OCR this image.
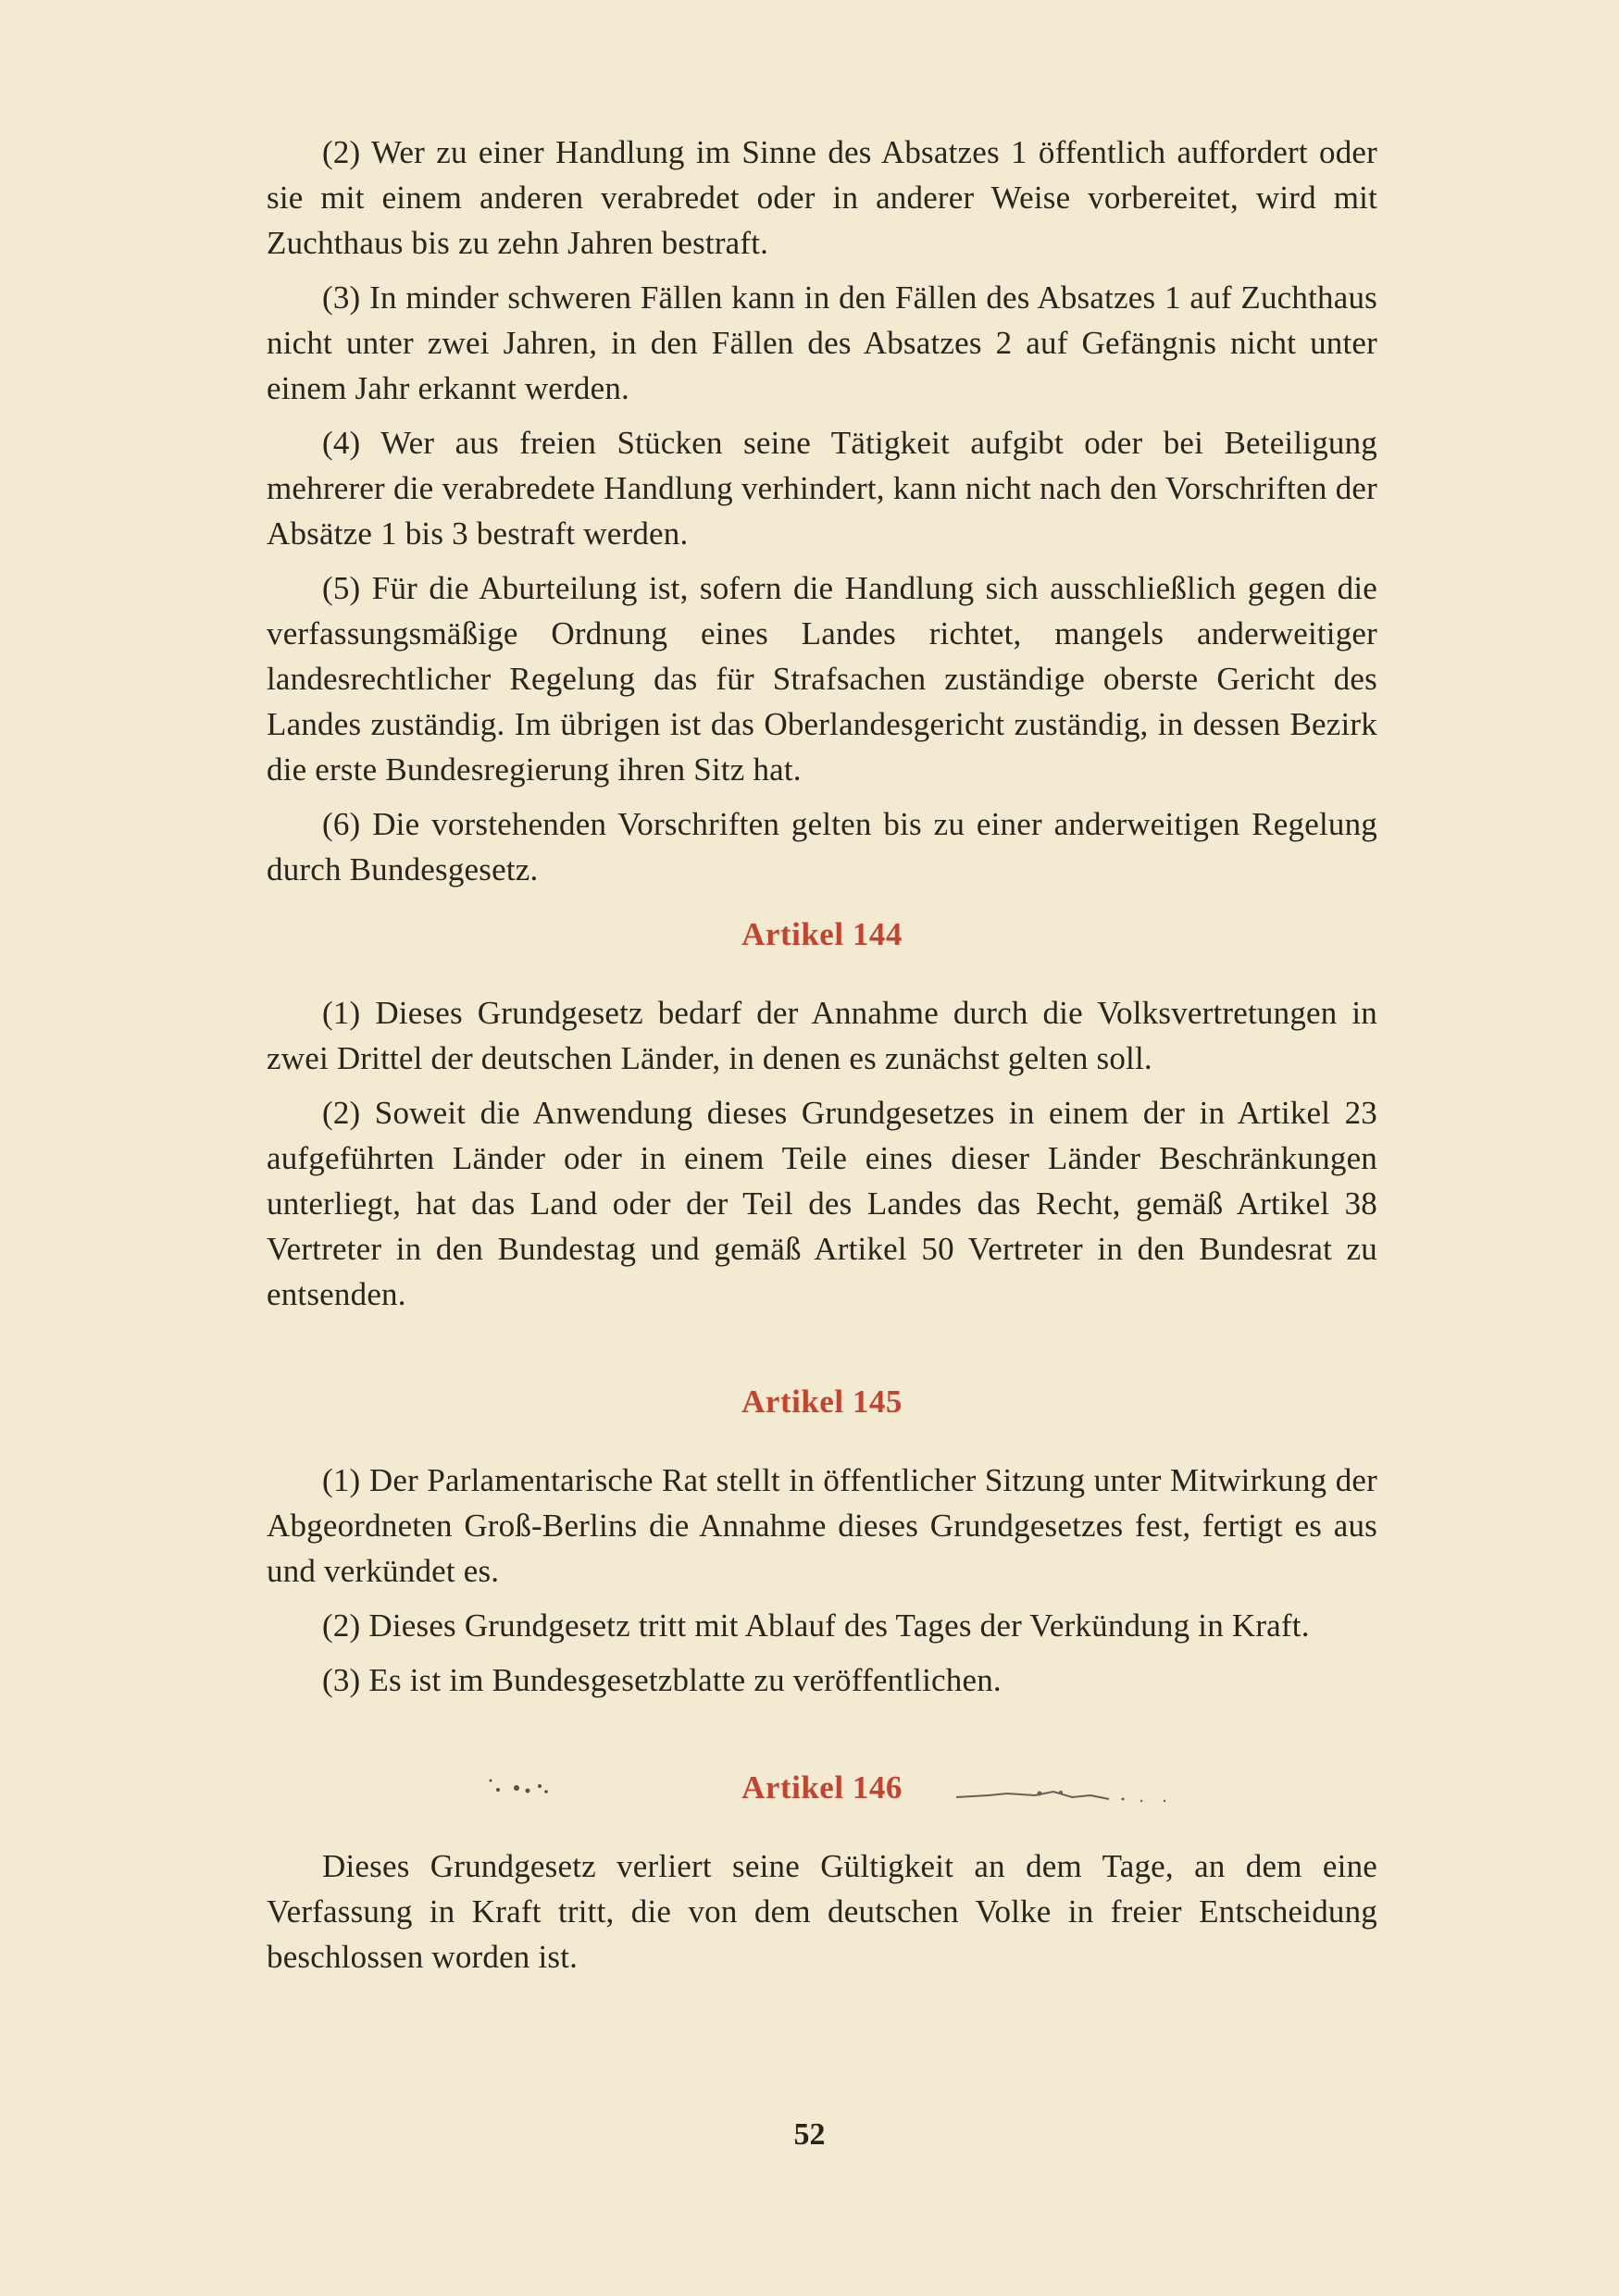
(2) Wer zu einer Handlung im Sinne des Absatzes 1 öffentlich auffordert oder sie mit einem anderen verabredet oder in anderer Weise vorbereitet, wird mit Zuchthaus bis zu zehn Jahren bestraft.

(3) In minder schweren Fällen kann in den Fällen des Absatzes 1 auf Zuchthaus nicht unter zwei Jahren, in den Fällen des Absatzes 2 auf Gefängnis nicht unter einem Jahr erkannt werden.

(4) Wer aus freien Stücken seine Tätigkeit aufgibt oder bei Beteiligung mehrerer die verabredete Handlung verhindert, kann nicht nach den Vorschriften der Absätze 1 bis 3 bestraft werden.

(5) Für die Aburteilung ist, sofern die Handlung sich ausschließlich gegen die verfassungsmäßige Ordnung eines Landes richtet, mangels anderweitiger landesrechtlicher Regelung das für Strafsachen zuständige oberste Gericht des Landes zuständig. Im übrigen ist das Oberlandesgericht zuständig, in dessen Bezirk die erste Bundesregierung ihren Sitz hat.

(6) Die vorstehenden Vorschriften gelten bis zu einer anderweitigen Regelung durch Bundesgesetz.

Artikel 144

(1) Dieses Grundgesetz bedarf der Annahme durch die Volksvertretungen in zwei Drittel der deutschen Länder, in denen es zunächst gelten soll.

(2) Soweit die Anwendung dieses Grundgesetzes in einem der in Artikel 23 aufgeführten Länder oder in einem Teile eines dieser Länder Beschränkungen unterliegt, hat das Land oder der Teil des Landes das Recht, gemäß Artikel 38 Vertreter in den Bundestag und gemäß Artikel 50 Vertreter in den Bundesrat zu entsenden.

Artikel 145

(1) Der Parlamentarische Rat stellt in öffentlicher Sitzung unter Mitwirkung der Abgeordneten Groß-Berlins die Annahme dieses Grundgesetzes fest, fertigt es aus und verkündet es.

(2) Dieses Grundgesetz tritt mit Ablauf des Tages der Verkündung in Kraft.

(3) Es ist im Bundesgesetzblatte zu veröffentlichen.

Artikel 146

Dieses Grundgesetz verliert seine Gültigkeit an dem Tage, an dem eine Verfassung in Kraft tritt, die von dem deutschen Volke in freier Entscheidung beschlossen worden ist.

52
